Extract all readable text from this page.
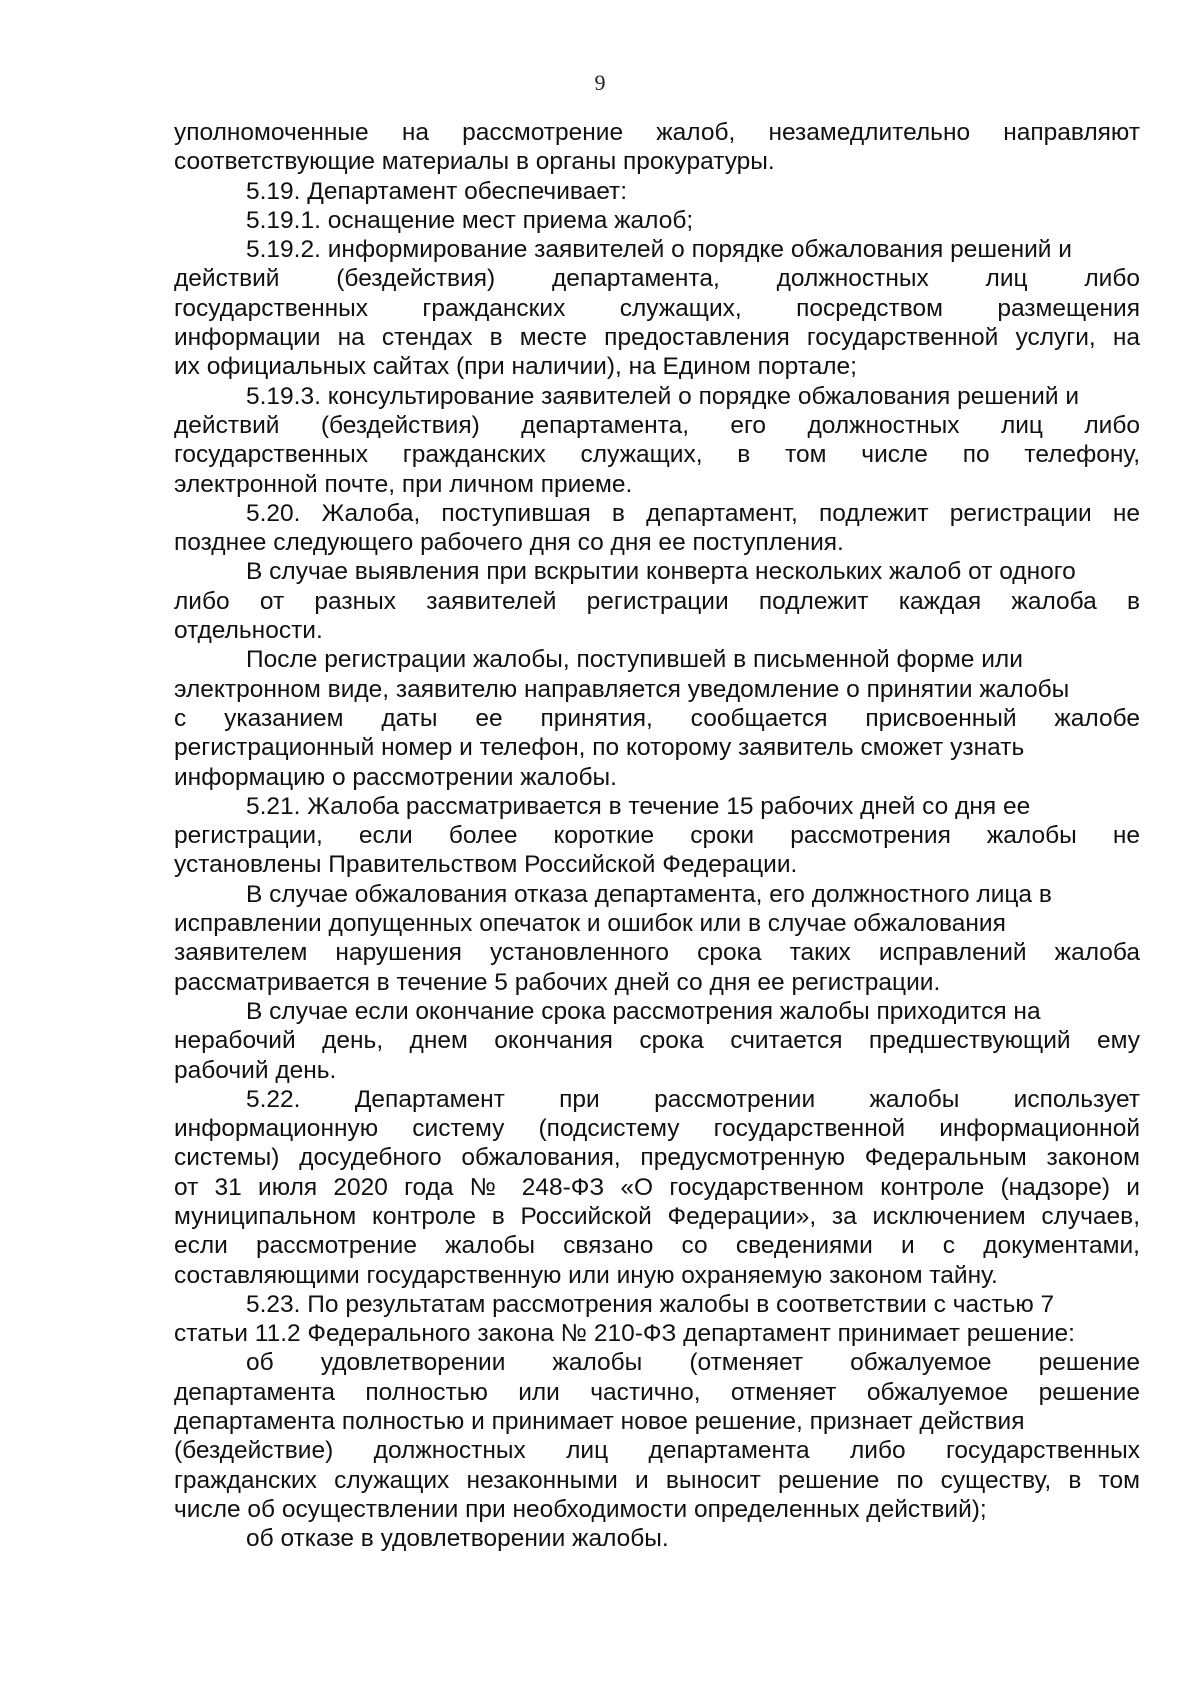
9
уполномоченные на рассмотрение жалоб, незамедлительно направляют
соответствующие материалы в органы прокуратуры.
5.19. Департамент обеспечивает:
5.19.1. оснащение мест приема жалоб;
5.19.2. информирование заявителей о порядке обжалования решений и
действий (бездействия) департамента, должностных лиц либо
государственных гражданских служащих, посредством размещения
информации на стендах в месте предоставления государственной услуги, на
их официальных сайтах (при наличии), на Едином портале;
5.19.3. консультирование заявителей о порядке обжалования решений и
действий (бездействия) департамента, его должностных лиц либо
государственных гражданских служащих, в том числе по телефону,
электронной почте, при личном приеме.
5.20. Жалоба, поступившая в департамент, подлежит регистрации не
позднее следующего рабочего дня со дня ее поступления.
В случае выявления при вскрытии конверта нескольких жалоб от одного
либо от разных заявителей регистрации подлежит каждая жалоба в
отдельности.
После регистрации жалобы, поступившей в письменной форме или
электронном виде, заявителю направляется уведомление о принятии жалобы
с указанием даты ее принятия, сообщается присвоенный жалобе
регистрационный номер и телефон, по которому заявитель сможет узнать
информацию о рассмотрении жалобы.
5.21. Жалоба рассматривается в течение 15 рабочих дней со дня ее
регистрации, если более короткие сроки рассмотрения жалобы не
установлены Правительством Российской Федерации.
В случае обжалования отказа департамента, его должностного лица в
исправлении допущенных опечаток и ошибок или в случае обжалования
заявителем нарушения установленного срока таких исправлений жалоба
рассматривается в течение 5 рабочих дней со дня ее регистрации.
В случае если окончание срока рассмотрения жалобы приходится на
нерабочий день, днем окончания срока считается предшествующий ему
рабочий день.
5.22. Департамент при рассмотрении жалобы использует
информационную систему (подсистему государственной информационной
системы) досудебного обжалования, предусмотренную Федеральным законом
от 31 июля 2020 года № 248-ФЗ «О государственном контроле (надзоре) и
муниципальном контроле в Российской Федерации», за исключением случаев,
если рассмотрение жалобы связано со сведениями и с документами,
составляющими государственную или иную охраняемую законом тайну.
5.23. По результатам рассмотрения жалобы в соответствии с частью 7
статьи 11.2 Федерального закона № 210-ФЗ департамент принимает решение:
об удовлетворении жалобы (отменяет обжалуемое решение
департамента полностью или частично, отменяет обжалуемое решение
департамента полностью и принимает новое решение, признает действия
(бездействие) должностных лиц департамента либо государственных
гражданских служащих незаконными и выносит решение по существу, в том
числе об осуществлении при необходимости определенных действий);
об отказе в удовлетворении жалобы.
